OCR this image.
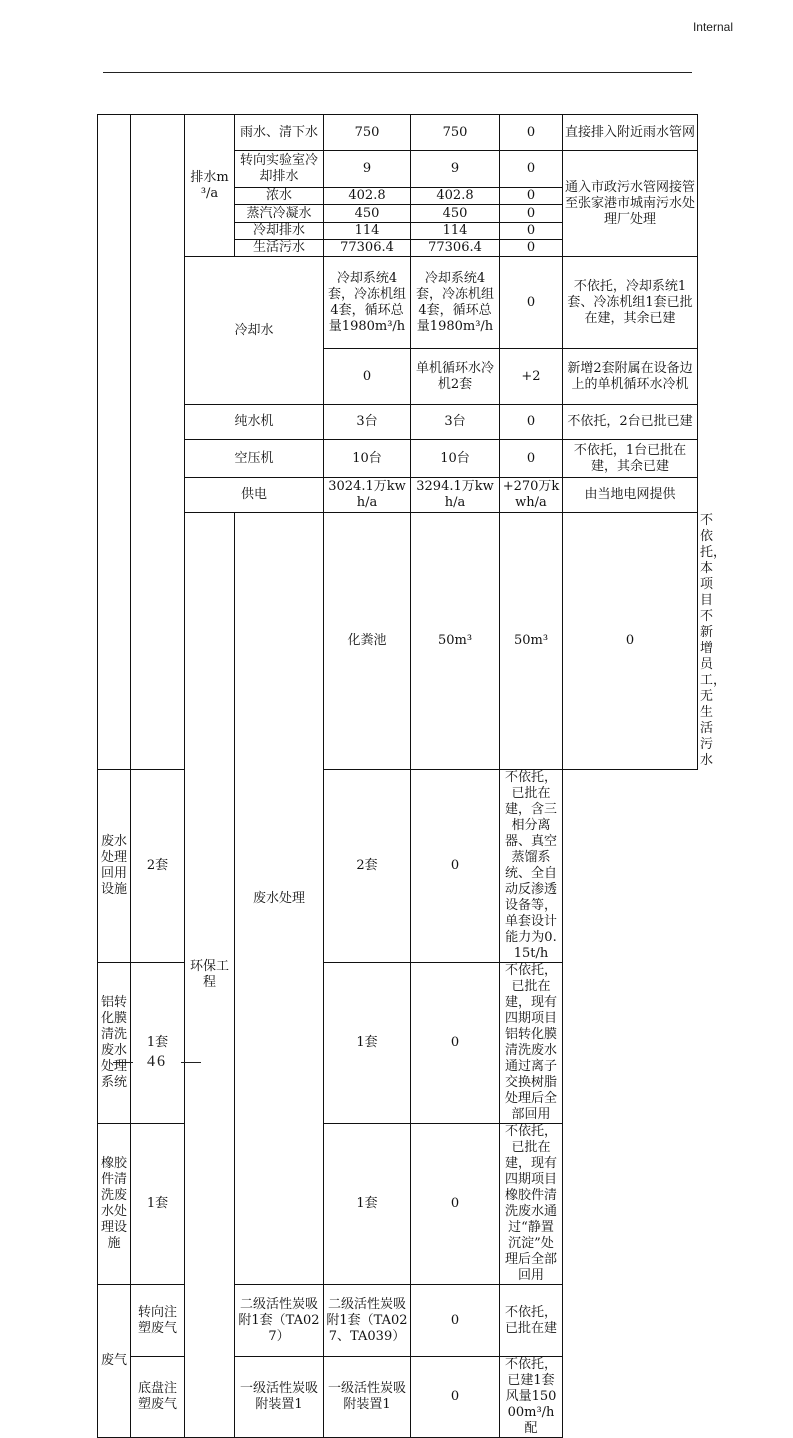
Internal
		排水m³/a	雨水、清下水	750	750	0	直接排入附近雨水管网	
			转向实验室冷却排水	9	9	0	通入市政污水管网接管至张家港市城南污水处理厂处理	
			浓水	402.8	402.8	0		
			蒸汽冷凝水	450	450	0		
			冷却排水	114	114	0		
			生活污水	77306.4	77306.4	0		
		冷却水		冷却系统4套，冷冻机组4套，循环总量1980m³/h	冷却系统4套，冷冻机组4套，循环总量1980m³/h	0	不依托，冷却系统1套、冷冻机组1套已批在建，其余已建	
				0	单机循环水冷机2套	+2	新增2套附属在设备边上的单机循环水冷机	
		纯水机		3台	3台	0	不依托，2台已批已建	
		空压机		10台	10台	0	不依托，1台已批在建，其余已建	
		供电		3024.1万kwh/a	3294.1万kwh/a	+270万kwh/a	由当地电网提供	
		环保工程	废水处理	化粪池	50m³	50m³	0	不依托，本项目不新增员工，无生活污水
废水处理回用设施	2套			2套	0	不依托，已批在建，含三相分离器、真空蒸馏系统、全自动反渗透设备等，单套设计能力为0.15t/h		
铝转化膜清洗废水处理系统	1套			1套	0	不依托，已批在建，现有四期项目铝转化膜清洗废水通过离子交换树脂处理后全部回用		
橡胶件清洗废水处理设施	1套			1套	0	不依托，已批在建，现有四期项目橡胶件清洗废水通过“静置沉淀”处理后全部回用		
废气	转向注塑废气		二级活性炭吸附1套（TA027）	二级活性炭吸附1套（TA027、TA039）	0	不依托，已批在建		
	底盘注塑废气		一级活性炭吸附装置1	一级活性炭吸附装置1	0	不依托，已建1套风量15000m³/h配		
46
